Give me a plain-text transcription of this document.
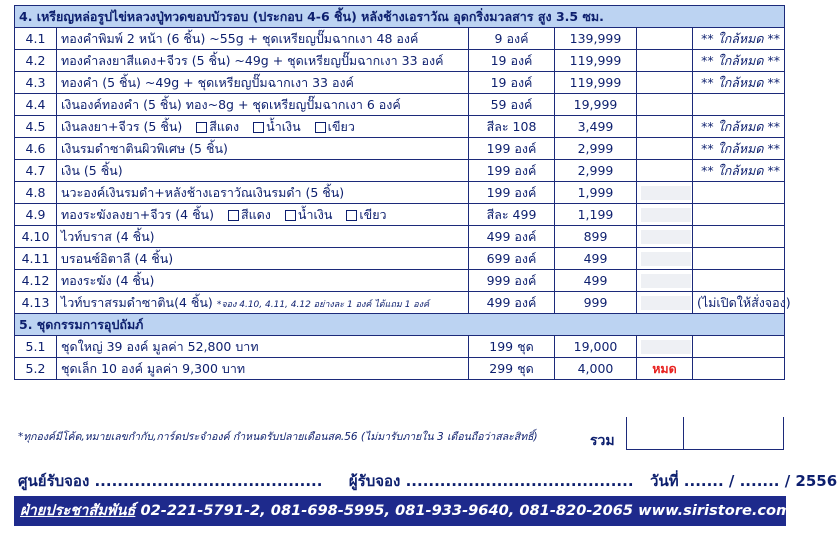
4. เหรียญหล่อรูปไข่หลวงปู่ทวดขอบบัวรอบ (ประกอบ 4-6 ชิ้น) หลังช้างเอราวัณ อุดกริ่งมวลสาร สูง 3.5 ซม.					
4.1	ทองคำพิมพ์ 2 หน้า (6 ชิ้น) ~55g + ชุดเหรียญปั๊มฉากเงา 48 องค์	9 องค์	139,999		** ใกล้หมด **
4.2	ทองคำลงยาสีแดง+จีวร (5 ชิ้น) ~49g + ชุดเหรียญปั๊มฉากเงา 33 องค์	19 องค์	119,999		** ใกล้หมด **
4.3	ทองคำ (5 ชิ้น) ~49g + ชุดเหรียญปั๊มฉากเงา 33 องค์	19 องค์	119,999		** ใกล้หมด **
4.4	เงินองค์ทองคำ (5 ชิ้น) ทอง~8g + ชุดเหรียญปั๊มฉากเงา 6 องค์	59 องค์	19,999		
4.5	เงินลงยา+จีวร (5 ชิ้น) สีแดง น้ำเงิน เขียว	สีละ 108	3,499		** ใกล้หมด **
4.6	เงินรมดำซาตินผิวพิเศษ (5 ชิ้น)	199 องค์	2,999		** ใกล้หมด **
4.7	เงิน (5 ชิ้น)	199 องค์	2,999		** ใกล้หมด **
4.8	นวะองค์เงินรมดำ+หลังช้างเอราวัณเงินรมดำ (5 ชิ้น)	199 องค์	1,999		
4.9	ทองระฆังลงยา+จีวร (4 ชิ้น) สีแดง น้ำเงิน เขียว	สีละ 499	1,199		
4.10	ไวท์บราส (4 ชิ้น)	499 องค์	899		
4.11	บรอนซ์อิตาลี (4 ชิ้น)	699 องค์	499		
4.12	ทองระฆัง (4 ชิ้น)	999 องค์	499		
4.13	ไวท์บราสรมดำซาติน(4 ชิ้น) *จอง 4.10, 4.11, 4.12 อย่างละ 1 องค์ ได้แถม 1 องค์	499 องค์	999		(ไม่เปิดให้สั่งจอง)
5. ชุดกรรมการอุปถัมภ์					
5.1	ชุดใหญ่ 39 องค์ มูลค่า 52,800 บาท	199 ชุด	19,000		
5.2	ชุดเล็ก 10 องค์ มูลค่า 9,300 บาท	299 ชุด	4,000	หมด	
*ทุกองค์มีโค้ด,หมายเลขกำกับ,การ์ดประจำองค์ กำหนดรับปลายเดือนสค.56 (ไม่มารับภายใน 3 เดือนถือว่าสละสิทธิ์)	รวม
ศูนย์รับจอง ........................................ ผู้รับจอง ........................................ วันที่ ....... / ....... / 2556
ฝ่ายประชาสัมพันธ์ 02-221-5791-2, 081-698-5995, 081-933-9640, 081-820-2065 www.siristore.com
